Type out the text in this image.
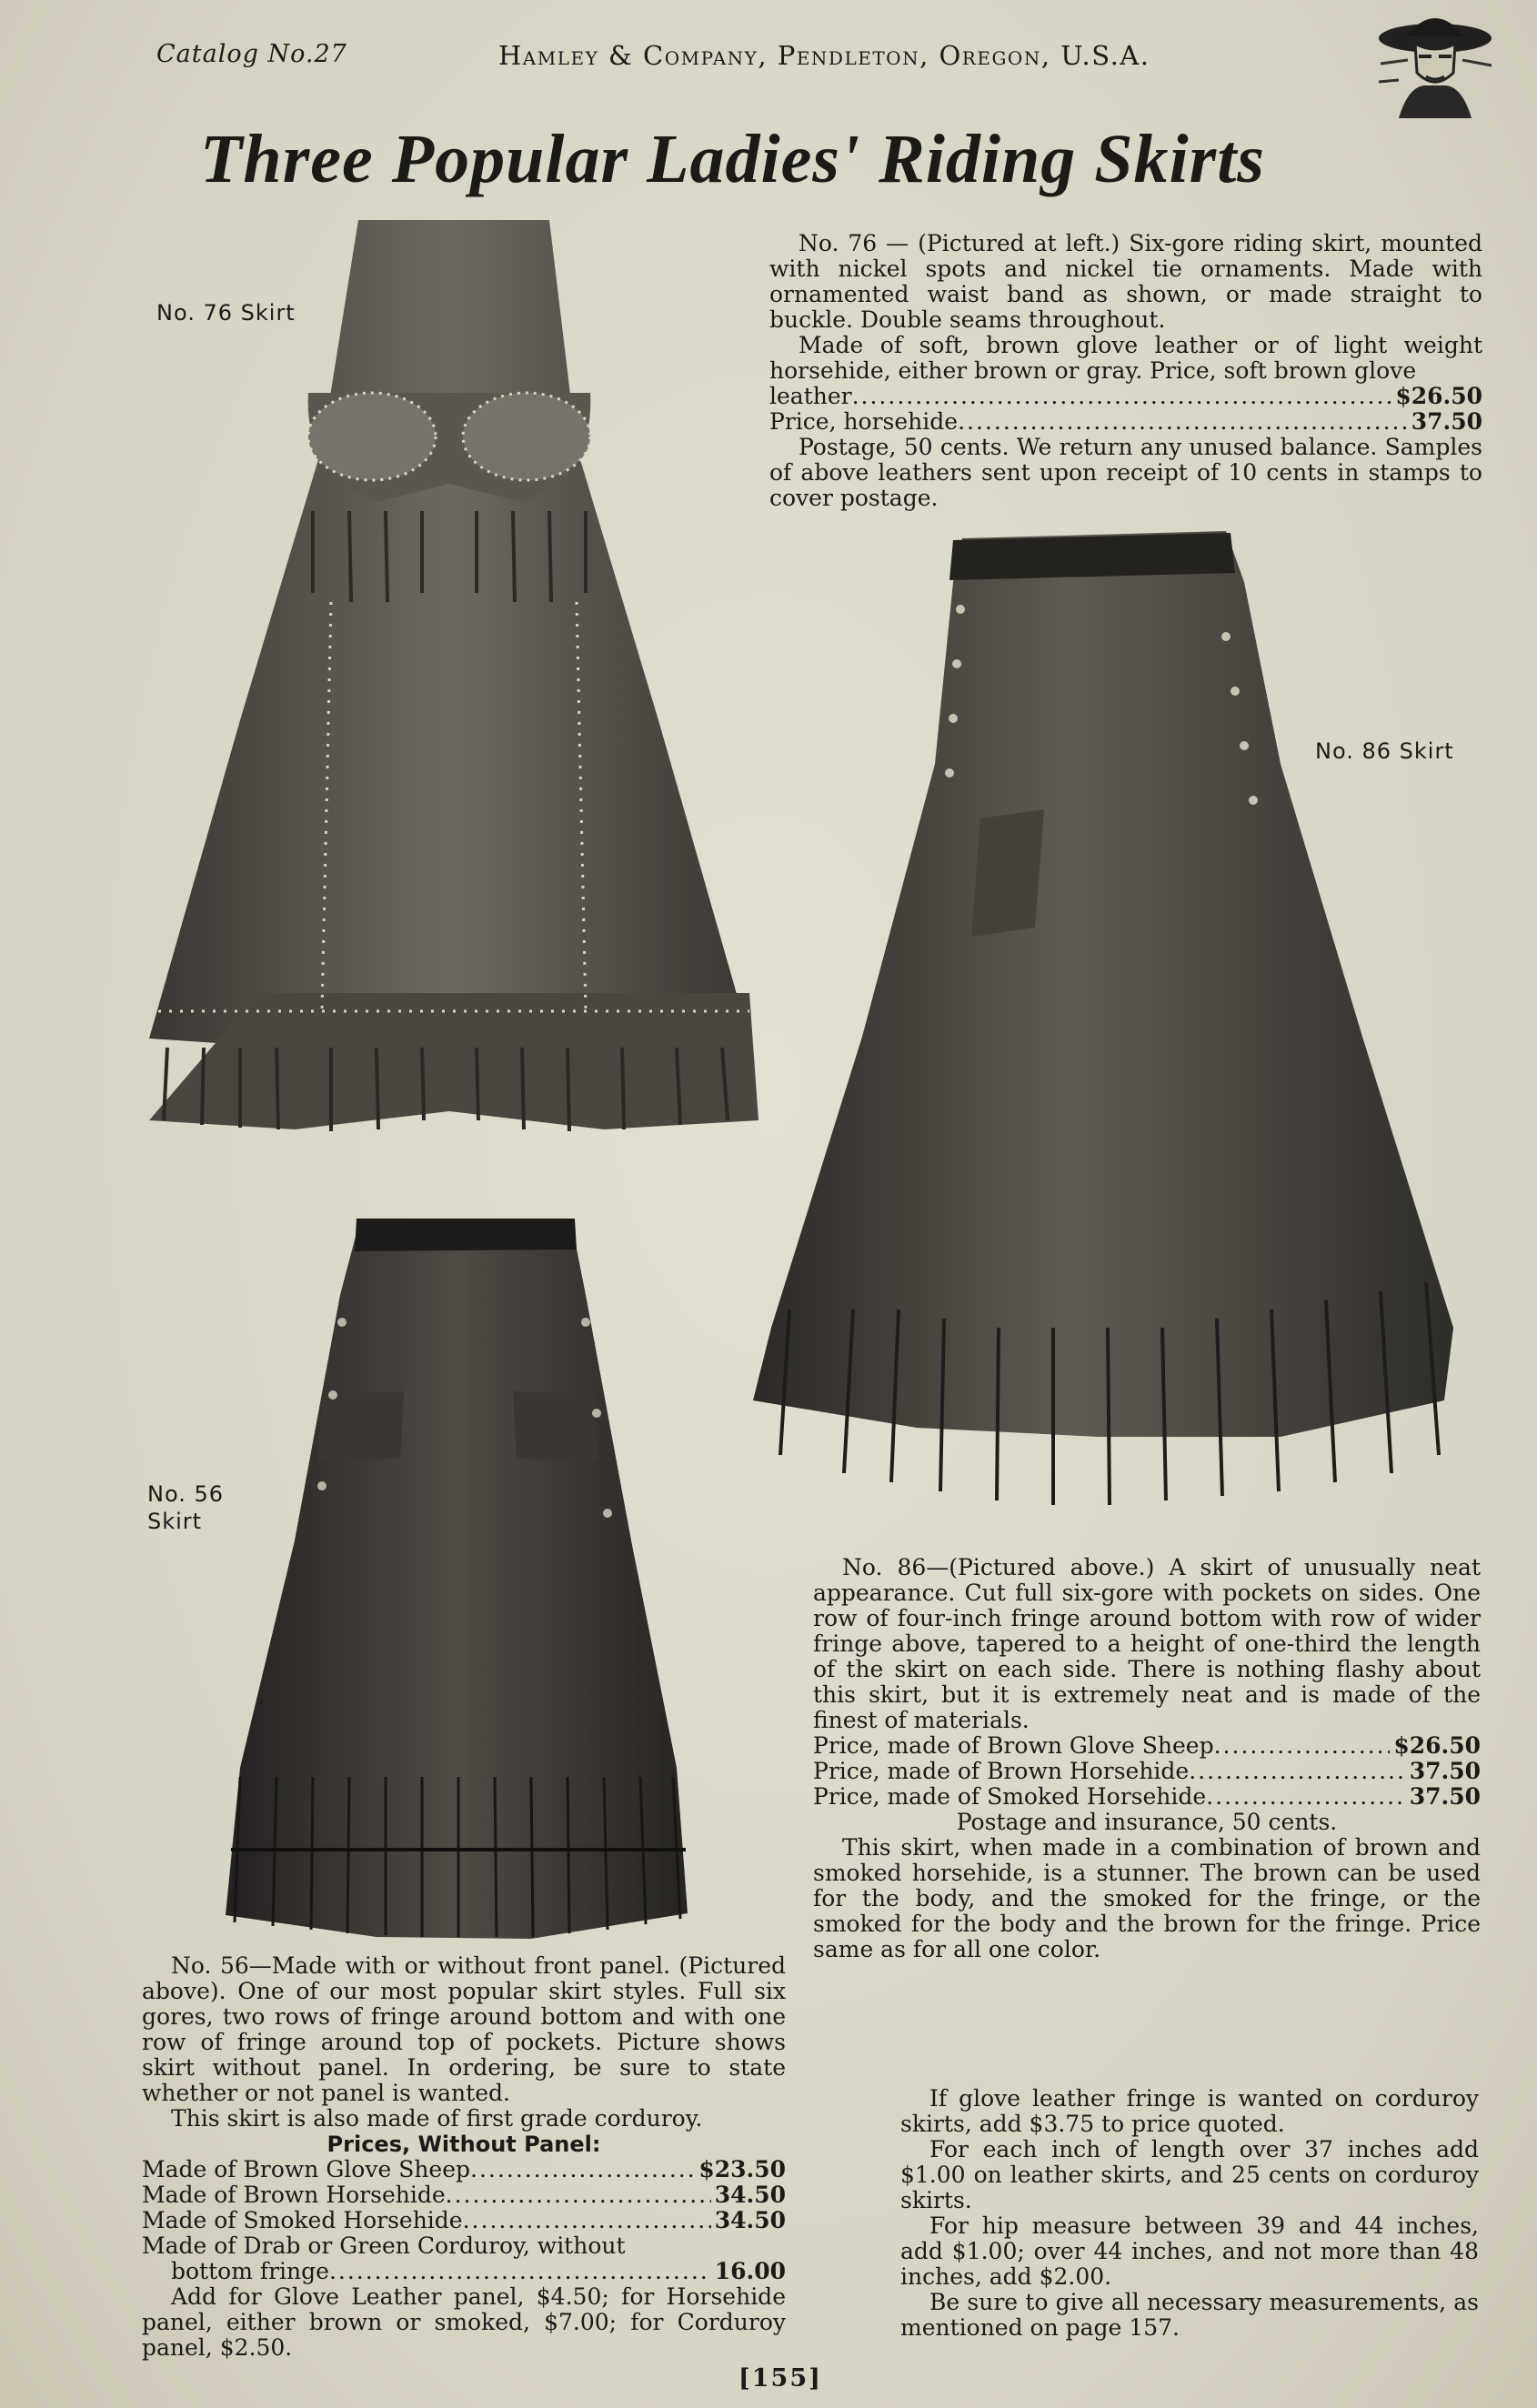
Catalog No.27	Hamley & Company, Pendleton, Oregon, U.S.A.
Three Popular Ladies' Riding Skirts
No. 76 Skirt

No. 76 — (Pictured at left.) Six-gore riding skirt, mounted with nickel spots and nickel tie ornaments. Made with ornamented waist band as shown, or made straight to buckle. Double seams throughout.

Made of soft, brown glove leather or of light weight horsehide, either brown or gray. Price, soft brown glove

leather .....	$26.50
Price, horsehide .....	37.50

Postage, 50 cents. We return any unused balance. Samples of above leathers sent upon receipt of 10 cents in stamps to cover postage.

No. 86 Skirt
No. 56
Skirt

No. 86—(Pictured above.) A skirt of unusually neat appearance. Cut full six-gore with pockets on sides. One row of four-inch fringe around bottom with row of wider fringe above, tapered to a height of one-third the length of the skirt on each side. There is nothing flashy about this skirt, but it is extremely neat and is made of the finest of materials.

Price, made of Brown Glove Sheep .....	$26.50
Price, made of Brown Horsehide .....	37.50
Price, made of Smoked Horsehide .....	37.50

Postage and insurance, 50 cents.

This skirt, when made in a combination of brown and smoked horsehide, is a stunner. The brown can be used for the body, and the smoked for the fringe, or the smoked for the body and the brown for the fringe. Price same as for all one color.

No. 56—Made with or without front panel. (Pictured above). One of our most popular skirt styles. Full six gores, two rows of fringe around bottom and with one row of fringe around top of pockets. Picture shows skirt without panel. In ordering, be sure to state whether or not panel is wanted.

This skirt is also made of first grade corduroy.

Prices, Without Panel:

Made of Brown Glove Sheep .....	$23.50
Made of Brown Horsehide .....	34.50
Made of Smoked Horsehide .....	34.50

Made of Drab or Green Corduroy, without

bottom fringe .....	16.00

Add for Glove Leather panel, $4.50; for Horsehide panel, either brown or smoked, $7.00; for Corduroy panel, $2.50.

If glove leather fringe is wanted on corduroy skirts, add $3.75 to price quoted.

For each inch of length over 37 inches add $1.00 on leather skirts, and 25 cents on corduroy skirts.

For hip measure between 39 and 44 inches, add $1.00; over 44 inches, and not more than 48 inches, add $2.00.

Be sure to give all necessary measurements, as mentioned on page 157.

[155]
